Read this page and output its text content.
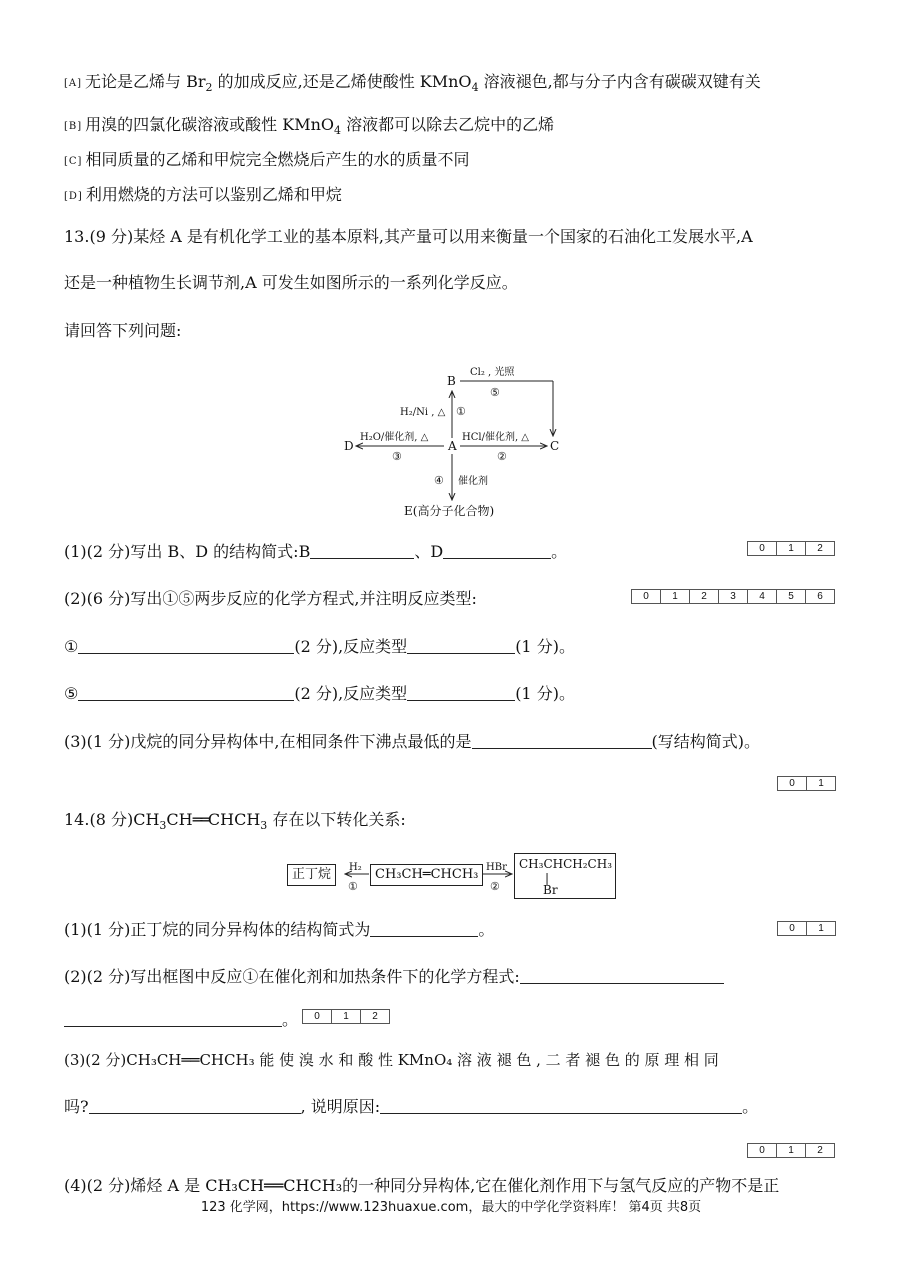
[A] 无论是乙烯与 $Br_2$ 的加成反应,还是乙烯使酸性 KMnO$_4$ 溶液褪色,都与分子内含有碳碳双键有关
[B] 用溴的四氯化碳溶液或酸性 KMnO$_4$ 溶液都可以除去乙烷中的乙烯
[C] 相同质量的乙烯和甲烷完全燃烧后产生的水的质量不同
[D] 利用燃烧的方法可以鉴别乙烯和甲烷
13.(9 分)某烃 A 是有机化学工业的基本原料,其产量可以用来衡量一个国家的石油化工发展水平,A
还是一种植物生长调节剂,A 可发生如图所示的一系列化学反应。
请回答下列问题:
B
A	C
D
E(高分子化合物)
Cl₂ , 光照
⑤
H₂/Ni , △ ①
H₂O/催化剂, △
③
HCl/催化剂, △
②
④ 催化剂
(1)(2 分)写出 B、D 的结构简式:B	、D	。	0	1	2
(2)(6 分)写出①⑤两步反应的化学方程式,并注明反应类型:	0	1	2	3	4	5	6
①	(2 分),反应类型	(1 分)。
⑤	(2 分),反应类型	(1 分)。
(3)(1 分)戊烷的同分异构体中,在相同条件下沸点最低的是	(写结构简式)。
0	1
14.(8 分)$CH_3CH══CHCH_3$ 存在以下转化关系:
正丁烷	CH₃CH═CHCH₃
CH₃CHCH₂CH₃
|
Br
H₂
①
HBr
②
(1)(1 分)正丁烷的同分异构体的结构简式为	。	0	1
(2)(2 分)写出框图中反应①在催化剂和加热条件下的化学方程式:
。	0	1	2
(3)(2 分)CH₃CH══CHCH₃ 能 使 溴 水 和 酸 性 KMnO₄ 溶 液 褪 色 , 二 者 褪 色 的 原 理 相 同
吗?	, 说明原因:	。
0	1	2
(4)(2 分)烯烃 A 是 CH₃CH══CHCH₃的一种同分异构体,它在催化剂作用下与氢气反应的产物不是正
123 化学网，https://www.123huaxue.com，最大的中学化学资料库！ 第4页 共8页
